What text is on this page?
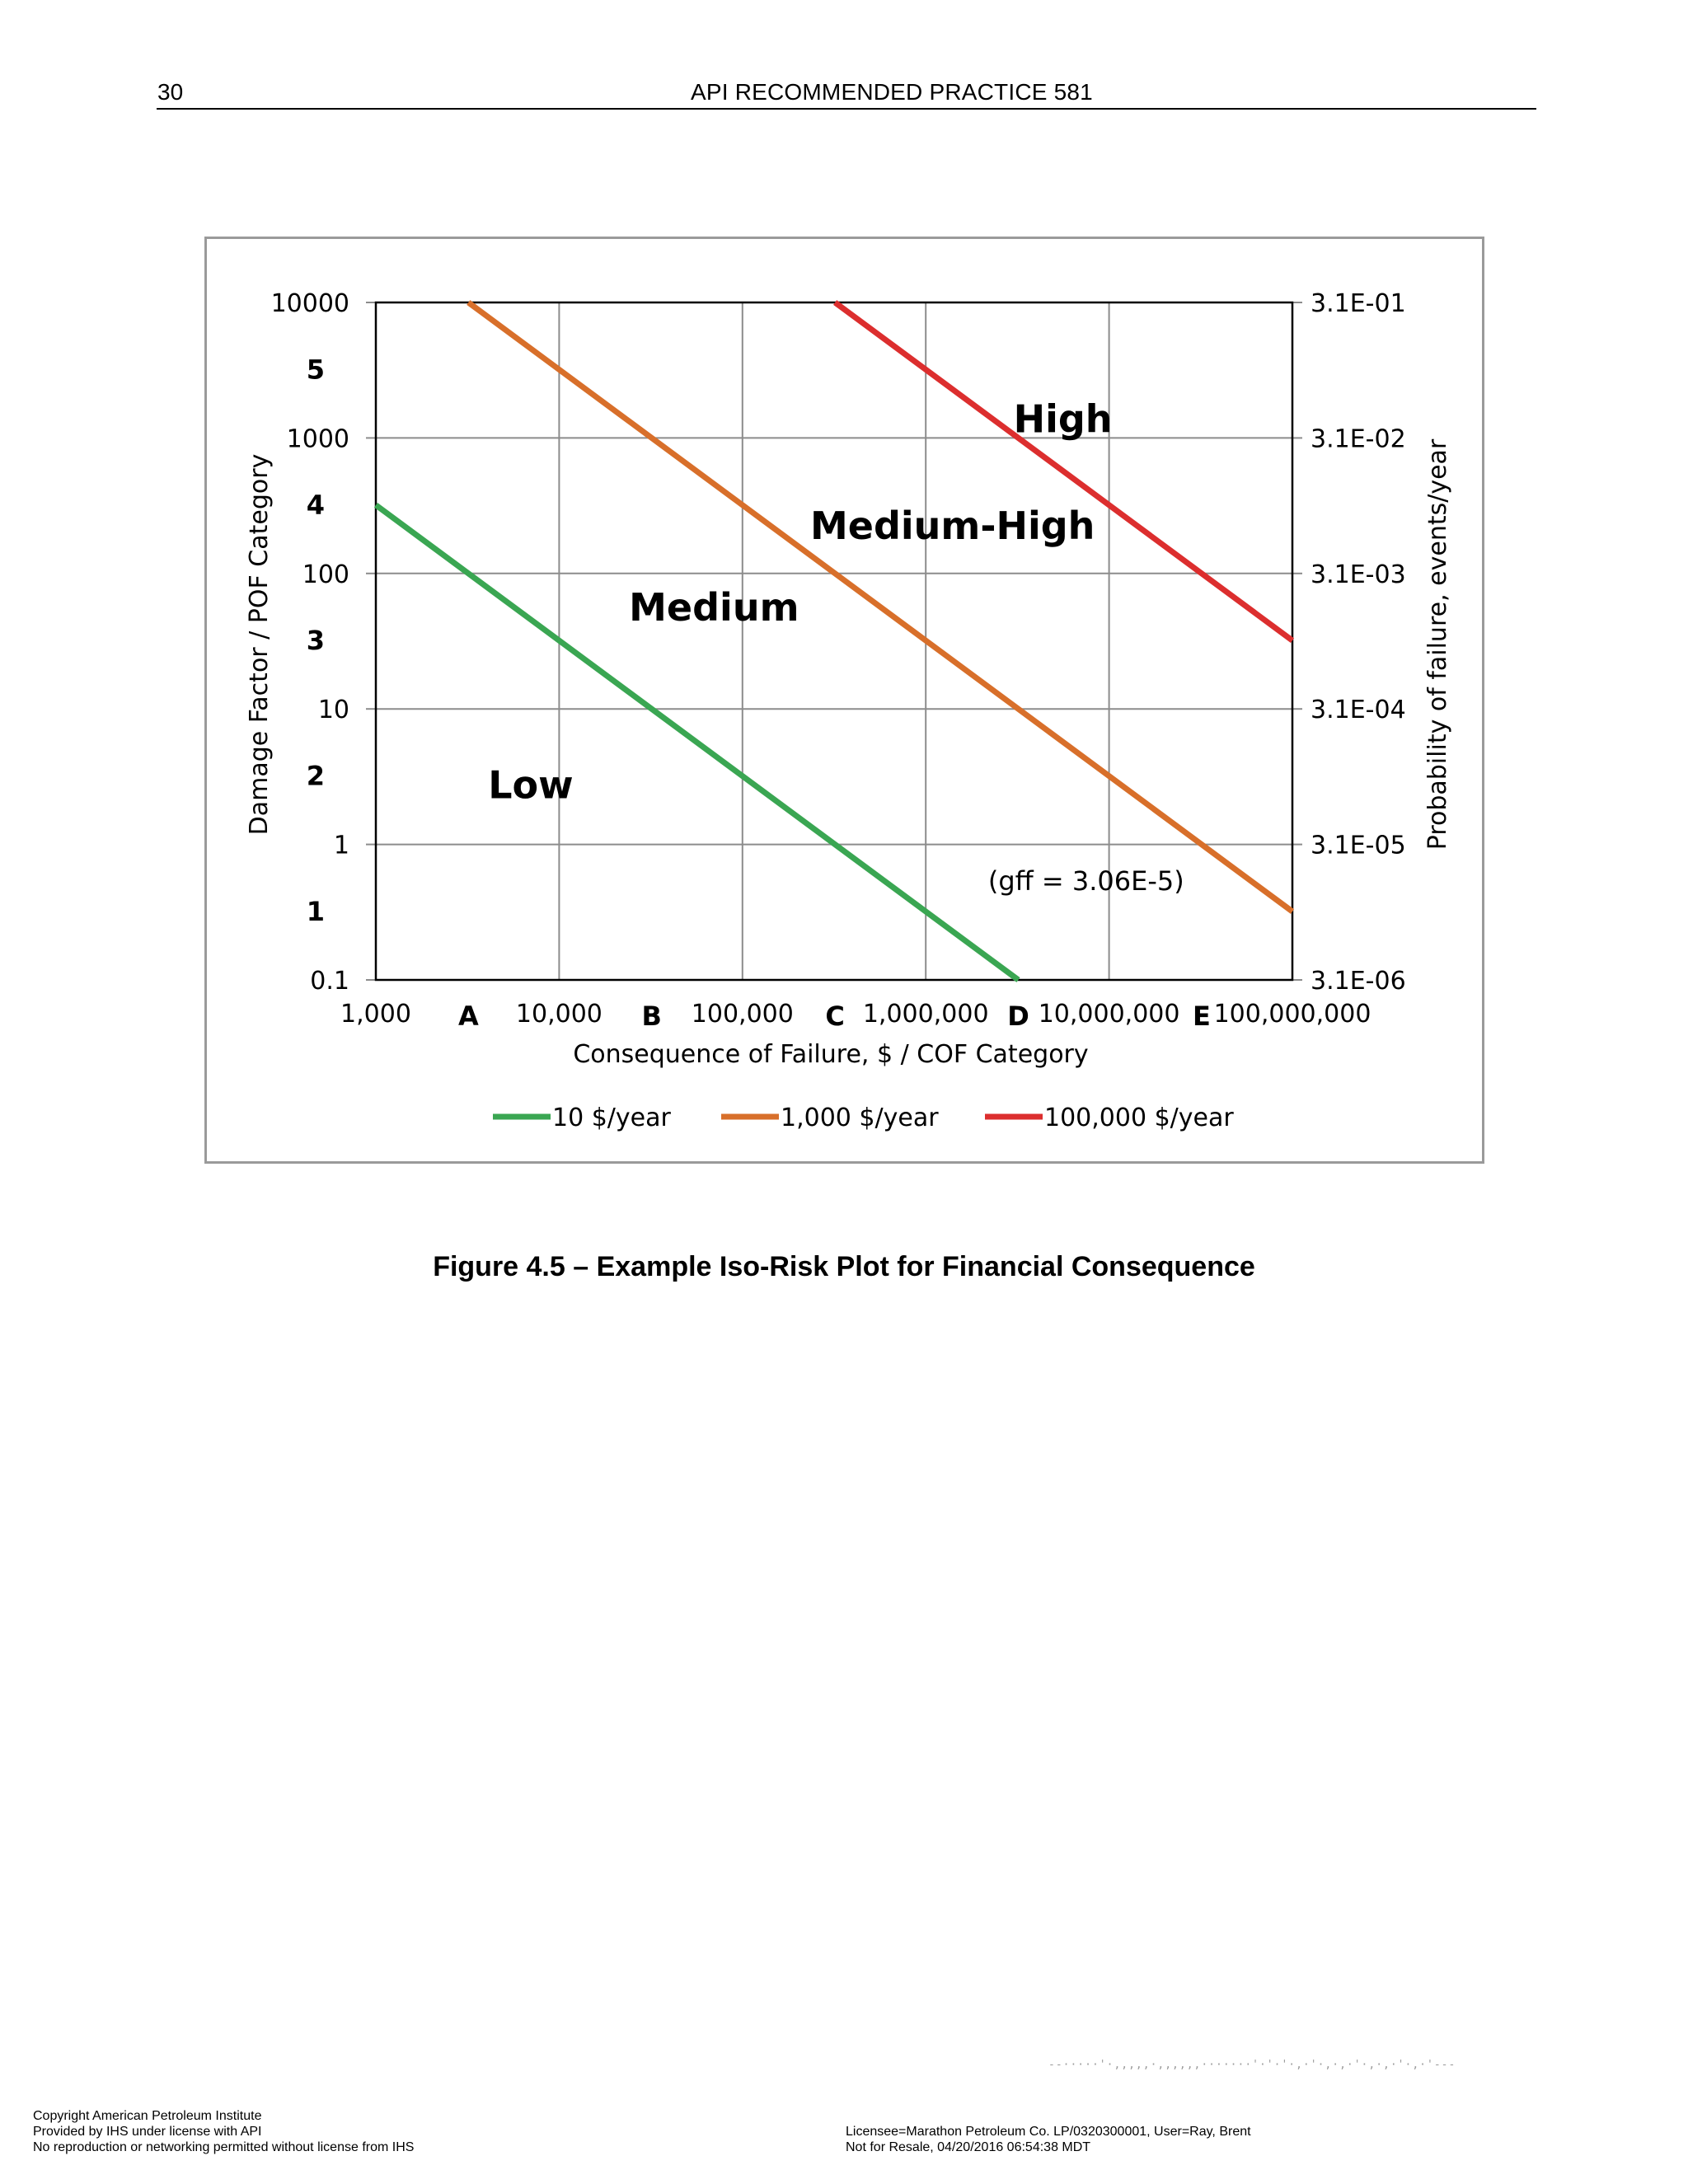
30	API RECOMMENDED PRACTICE 581
1,000	10,000	100,000	1,000,000 10,000,000 100,000,000
10000
1000
100
10
1
0.1
3.1E-01
3.1E-02
3.1E-03
3.1E-04
3.1E-05
3.1E-06
A	B	C	D	E
5
4
3
2
1
Low
Medium
Medium-High
High
(gff = 3.06E-5)
Consequence of Failure, $ / COF Category
Damage Factor / POF Category	Probability of failure, events/year
10 $/year	1,000 $/year	100,000 $/year
Figure 4.5 – Example Iso-Risk Plot for Financial Consequence
--·····'·,,,,,·,,,,,,·······'·'·'·,·'·,·,·'·,·,·'·,·'---
Copyright American Petroleum Institute
Provided by IHS under license with API
No reproduction or networking permitted without license from IHS
Licensee=Marathon Petroleum Co. LP/0320300001, User=Ray, Brent
Not for Resale, 04/20/2016 06:54:38 MDT
